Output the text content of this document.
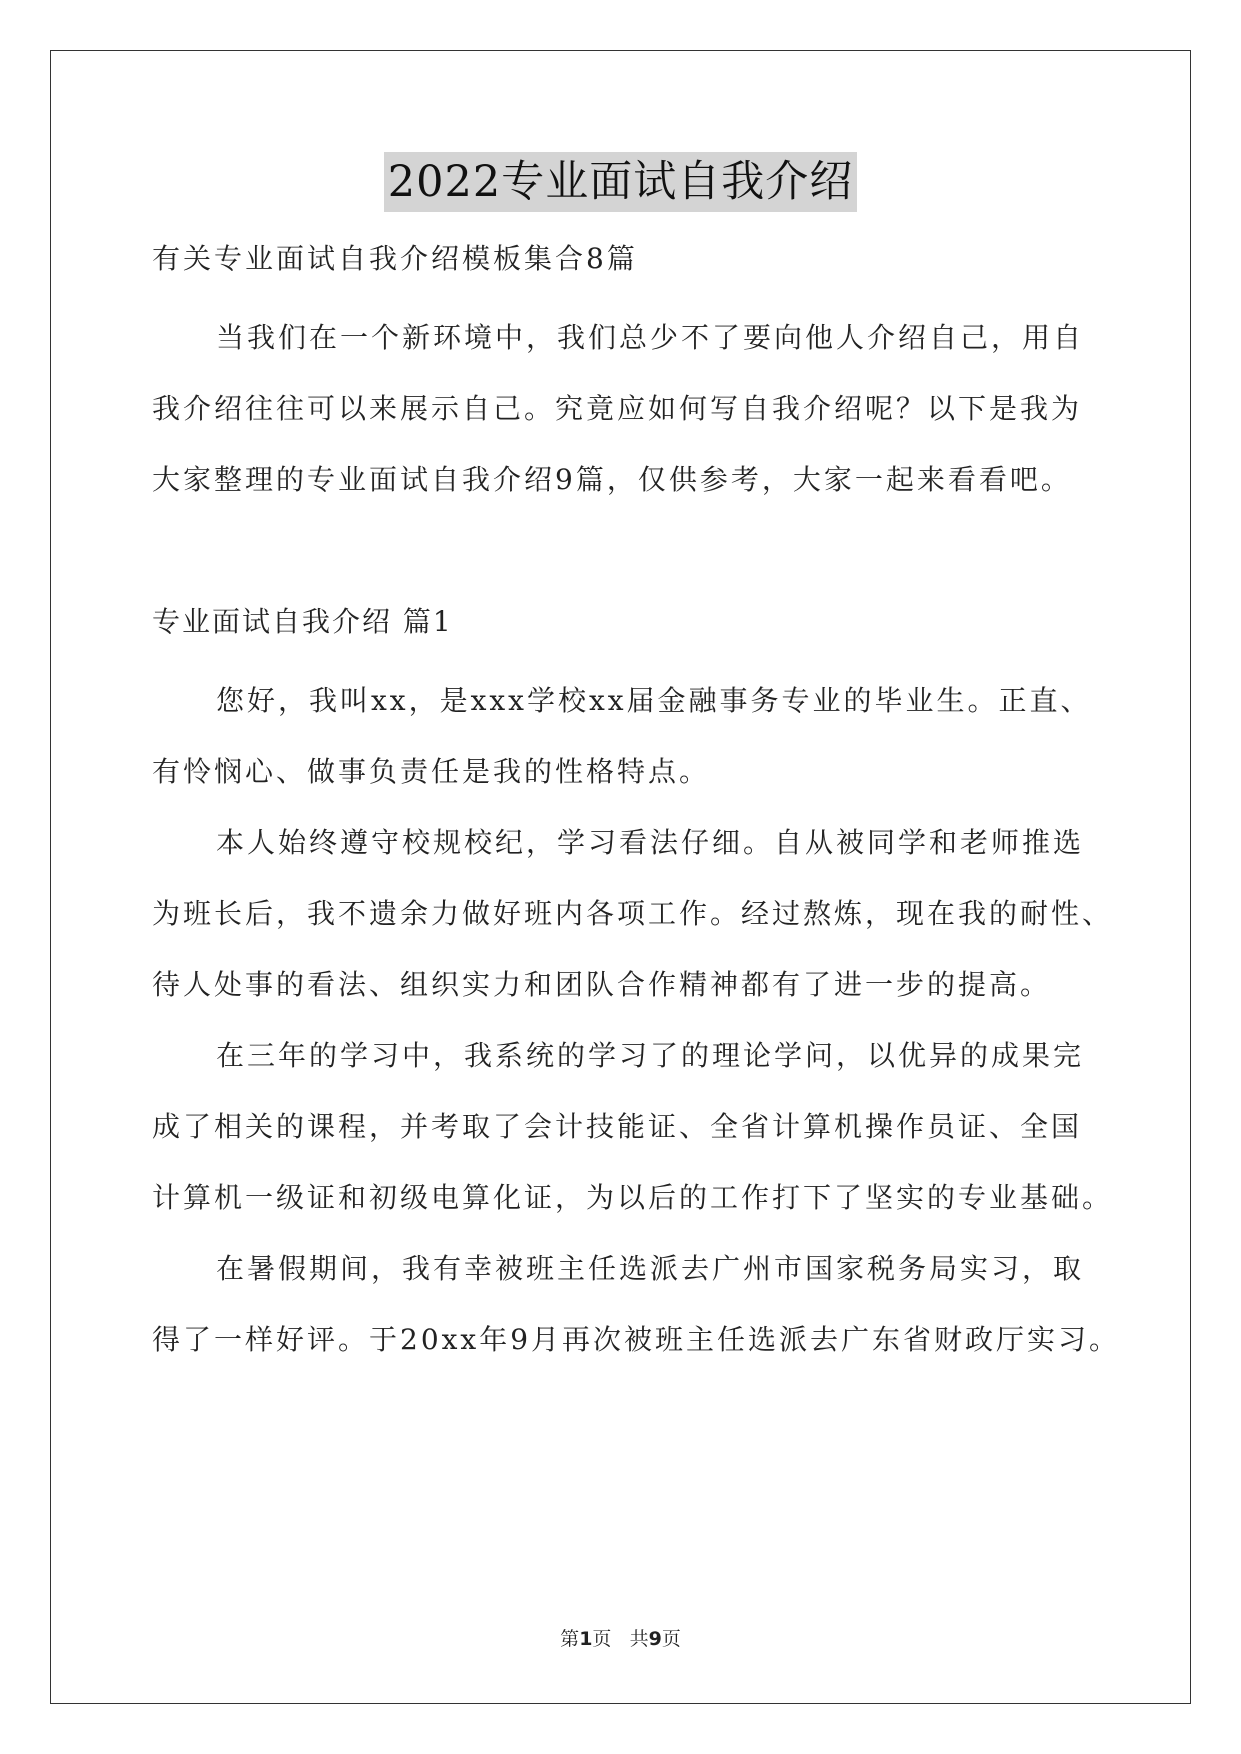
2022专业面试自我介绍
有关专业面试自我介绍模板集合8篇
当我们在一个新环境中，我们总少不了要向他人介绍自己，用自
我介绍往往可以来展示自己。究竟应如何写自我介绍呢？以下是我为
大家整理的专业面试自我介绍9篇，仅供参考，大家一起来看看吧。
专业面试自我介绍 篇1
您好，我叫xx，是xxx学校xx届金融事务专业的毕业生。正直、
有怜悯心、做事负责任是我的性格特点。
本人始终遵守校规校纪，学习看法仔细。自从被同学和老师推选
为班长后，我不遗余力做好班内各项工作。经过熬炼，现在我的耐性、
待人处事的看法、组织实力和团队合作精神都有了进一步的提高。
在三年的学习中，我系统的学习了的理论学问，以优异的成果完
成了相关的课程，并考取了会计技能证、全省计算机操作员证、全国
计算机一级证和初级电算化证，为以后的工作打下了坚实的专业基础。
在暑假期间，我有幸被班主任选派去广州市国家税务局实习，取
得了一样好评。于20xx年9月再次被班主任选派去广东省财政厅实习。
第1页 共9页
